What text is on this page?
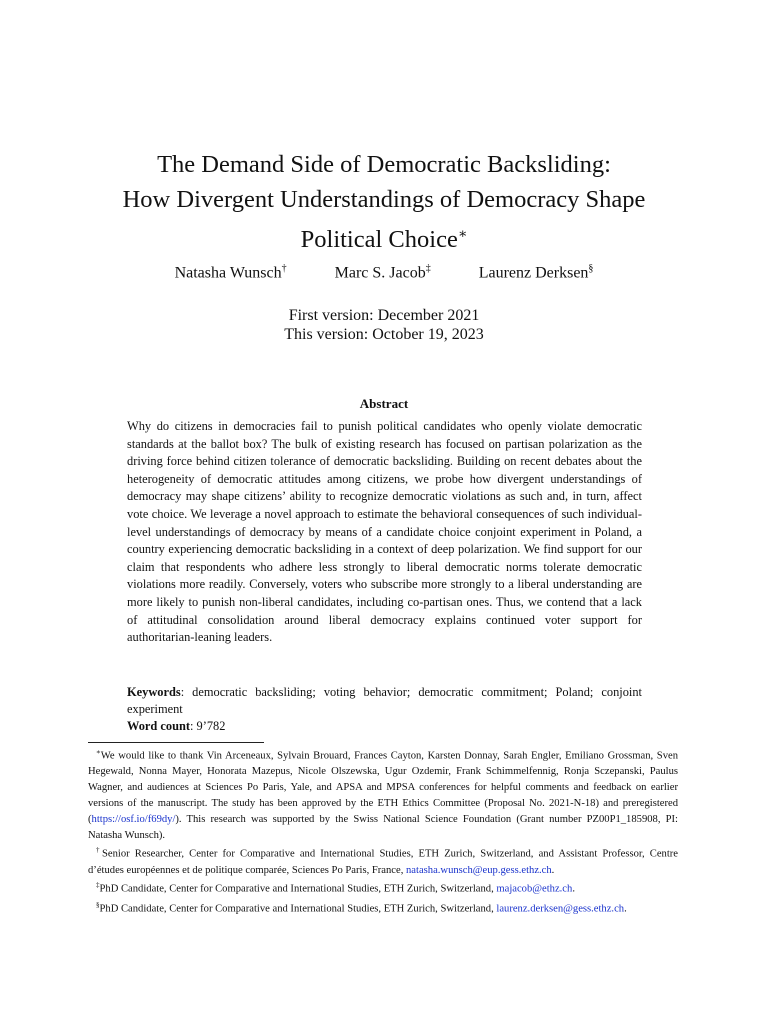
The Demand Side of Democratic Backsliding:
How Divergent Understandings of Democracy Shape
Political Choice∗
Natasha Wunsch†	Marc S. Jacob‡	Laurenz Derksen§
First version: December 2021
This version: October 19, 2023
Abstract

Why do citizens in democracies fail to punish political candidates who openly violate democratic standards at the ballot box? The bulk of existing research has focused on partisan polarization as the driving force behind citizen tolerance of democratic backsliding. Building on recent debates about the heterogeneity of democratic attitudes among citizens, we probe how divergent understandings of democracy may shape citizens’ ability to recognize democratic violations as such and, in turn, affect vote choice. We leverage a novel approach to estimate the behavioral consequences of such individual-level understandings of democracy by means of a candidate choice conjoint experiment in Poland, a country experiencing democratic backsliding in a context of deep polarization. We find support for our claim that respondents who adhere less strongly to liberal democratic norms tolerate democratic violations more readily. Conversely, voters who subscribe more strongly to a liberal understanding are more likely to punish non-liberal candidates, including co-partisan ones. Thus, we contend that a lack of attitudinal consolidation around liberal democracy explains continued voter support for authoritarian-leaning leaders.

Keywords: democratic backsliding; voting behavior; democratic commitment; Poland; conjoint experiment
Word count: 9’782

∗We would like to thank Vin Arceneaux, Sylvain Brouard, Frances Cayton, Karsten Donnay, Sarah Engler, Emiliano Grossman, Sven Hegewald, Nonna Mayer, Honorata Mazepus, Nicole Olszewska, Ugur Ozdemir, Frank Schimmelfennig, Ronja Sczepanski, Paulus Wagner, and audiences at Sciences Po Paris, Yale, and APSA and MPSA conferences for helpful comments and feedback on earlier versions of the manuscript. The study has been approved by the ETH Ethics Committee (Proposal No. 2021-N-18) and preregistered (https://osf.io/f69dy/). This research was supported by the Swiss National Science Foundation (Grant number PZ00P1_185908, PI: Natasha Wunsch).

†Senior Researcher, Center for Comparative and International Studies, ETH Zurich, Switzerland, and Assistant Professor, Centre d’études européennes et de politique comparée, Sciences Po Paris, France, natasha.wunsch@eup.gess.ethz.ch.

‡PhD Candidate, Center for Comparative and International Studies, ETH Zurich, Switzerland, majacob@ethz.ch.

§PhD Candidate, Center for Comparative and International Studies, ETH Zurich, Switzerland, laurenz.derksen@gess.ethz.ch.
